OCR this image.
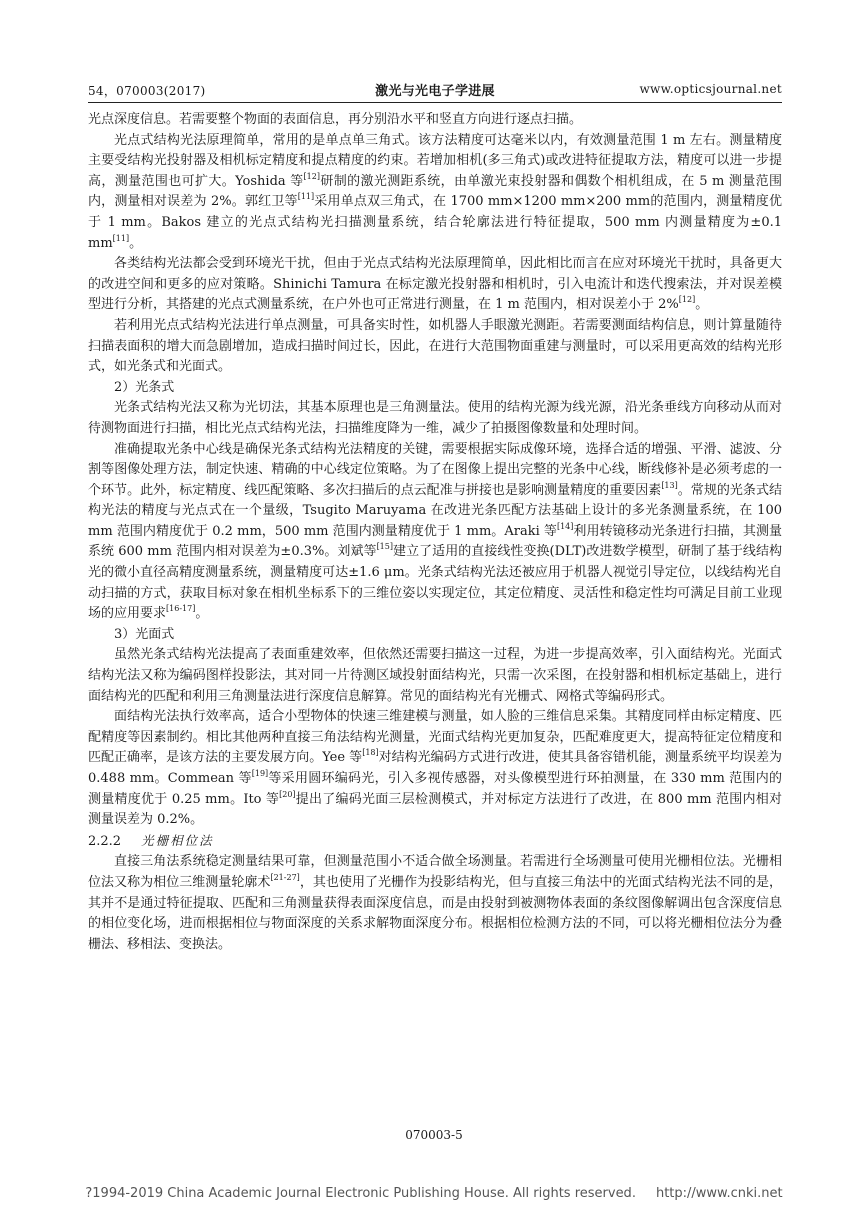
54，070003(2017)	激光与光电子学进展	www.opticsjournal.net

光点深度信息。若需要整个物面的表面信息，再分别沿水平和竖直方向进行逐点扫描。

光点式结构光法原理简单，常用的是单点单三角式。该方法精度可达毫米以内，有效测量范围 1 m 左右。测量精度主要受结构光投射器及相机标定精度和提点精度的约束。若增加相机(多三角式)或改进特征提取方法，精度可以进一步提高，测量范围也可扩大。Yoshida 等[12]研制的激光测距系统，由单激光束投射器和偶数个相机组成，在 5 m 测量范围内，测量相对误差为 2%。郭红卫等[11]采用单点双三角式，在 1700 mm×1200 mm×200 mm的范围内，测量精度优于 1 mm。Bakos 建立的光点式结构光扫描测量系统，结合轮廓法进行特征提取，500 mm 内测量精度为±0.1 mm[11]。

各类结构光法都会受到环境光干扰，但由于光点式结构光法原理简单，因此相比而言在应对环境光干扰时，具备更大的改进空间和更多的应对策略。Shinichi Tamura 在标定激光投射器和相机时，引入电流计和迭代搜索法，并对误差模型进行分析，其搭建的光点式测量系统，在户外也可正常进行测量，在 1 m 范围内，相对误差小于 2%[12]。

若利用光点式结构光法进行单点测量，可具备实时性，如机器人手眼激光测距。若需要测面结构信息，则计算量随待扫描表面积的增大而急剧增加，造成扫描时间过长，因此，在进行大范围物面重建与测量时，可以采用更高效的结构光形式，如光条式和光面式。

2）光条式

光条式结构光法又称为光切法，其基本原理也是三角测量法。使用的结构光源为线光源，沿光条垂线方向移动从而对待测物面进行扫描，相比光点式结构光法，扫描维度降为一维，减少了拍摄图像数量和处理时间。

准确提取光条中心线是确保光条式结构光法精度的关键，需要根据实际成像环境，选择合适的增强、平滑、滤波、分割等图像处理方法，制定快速、精确的中心线定位策略。为了在图像上提出完整的光条中心线，断线修补是必须考虑的一个环节。此外，标定精度、线匹配策略、多次扫描后的点云配准与拼接也是影响测量精度的重要因素[13]。常规的光条式结构光法的精度与光点式在一个量级，Tsugito Maruyama 在改进光条匹配方法基础上设计的多光条测量系统，在 100 mm 范围内精度优于 0.2 mm，500 mm 范围内测量精度优于 1 mm。Araki 等[14]利用转镜移动光条进行扫描，其测量系统 600 mm 范围内相对误差为±0.3%。刘斌等[15]建立了适用的直接线性变换(DLT)改进数学模型，研制了基于线结构光的微小直径高精度测量系统，测量精度可达±1.6 μm。光条式结构光法还被应用于机器人视觉引导定位，以线结构光自动扫描的方式，获取目标对象在相机坐标系下的三维位姿以实现定位，其定位精度、灵活性和稳定性均可满足目前工业现场的应用要求[16-17]。

3）光面式

虽然光条式结构光法提高了表面重建效率，但依然还需要扫描这一过程，为进一步提高效率，引入面结构光。光面式结构光法又称为编码图样投影法，其对同一片待测区域投射面结构光，只需一次采图，在投射器和相机标定基础上，进行面结构光的匹配和利用三角测量法进行深度信息解算。常见的面结构光有光栅式、网格式等编码形式。

面结构光法执行效率高，适合小型物体的快速三维建模与测量，如人脸的三维信息采集。其精度同样由标定精度、匹配精度等因素制约。相比其他两种直接三角法结构光测量，光面式结构光更加复杂，匹配难度更大，提高特征定位精度和匹配正确率，是该方法的主要发展方向。Yee 等[18]对结构光编码方式进行改进，使其具备容错机能，测量系统平均误差为 0.488 mm。Commean 等[19]等采用圆环编码光，引入多视传感器，对头像模型进行环拍测量，在 330 mm 范围内的测量精度优于 0.25 mm。Ito 等[20]提出了编码光面三层检测模式，并对标定方法进行了改进，在 800 mm 范围内相对测量误差为 0.2%。

2.2.2 光栅相位法

直接三角法系统稳定测量结果可靠，但测量范围小不适合做全场测量。若需进行全场测量可使用光栅相位法。光栅相位法又称为相位三维测量轮廓术[21-27]，其也使用了光栅作为投影结构光，但与直接三角法中的光面式结构光法不同的是，其并不是通过特征提取、匹配和三角测量获得表面深度信息，而是由投射到被测物体表面的条纹图像解调出包含深度信息的相位变化场，进而根据相位与物面深度的关系求解物面深度分布。根据相位检测方法的不同，可以将光栅相位法分为叠栅法、移相法、变换法。

070003-5
?1994-2019 China Academic Journal Electronic Publishing House. All rights reserved. http://www.cnki.net
